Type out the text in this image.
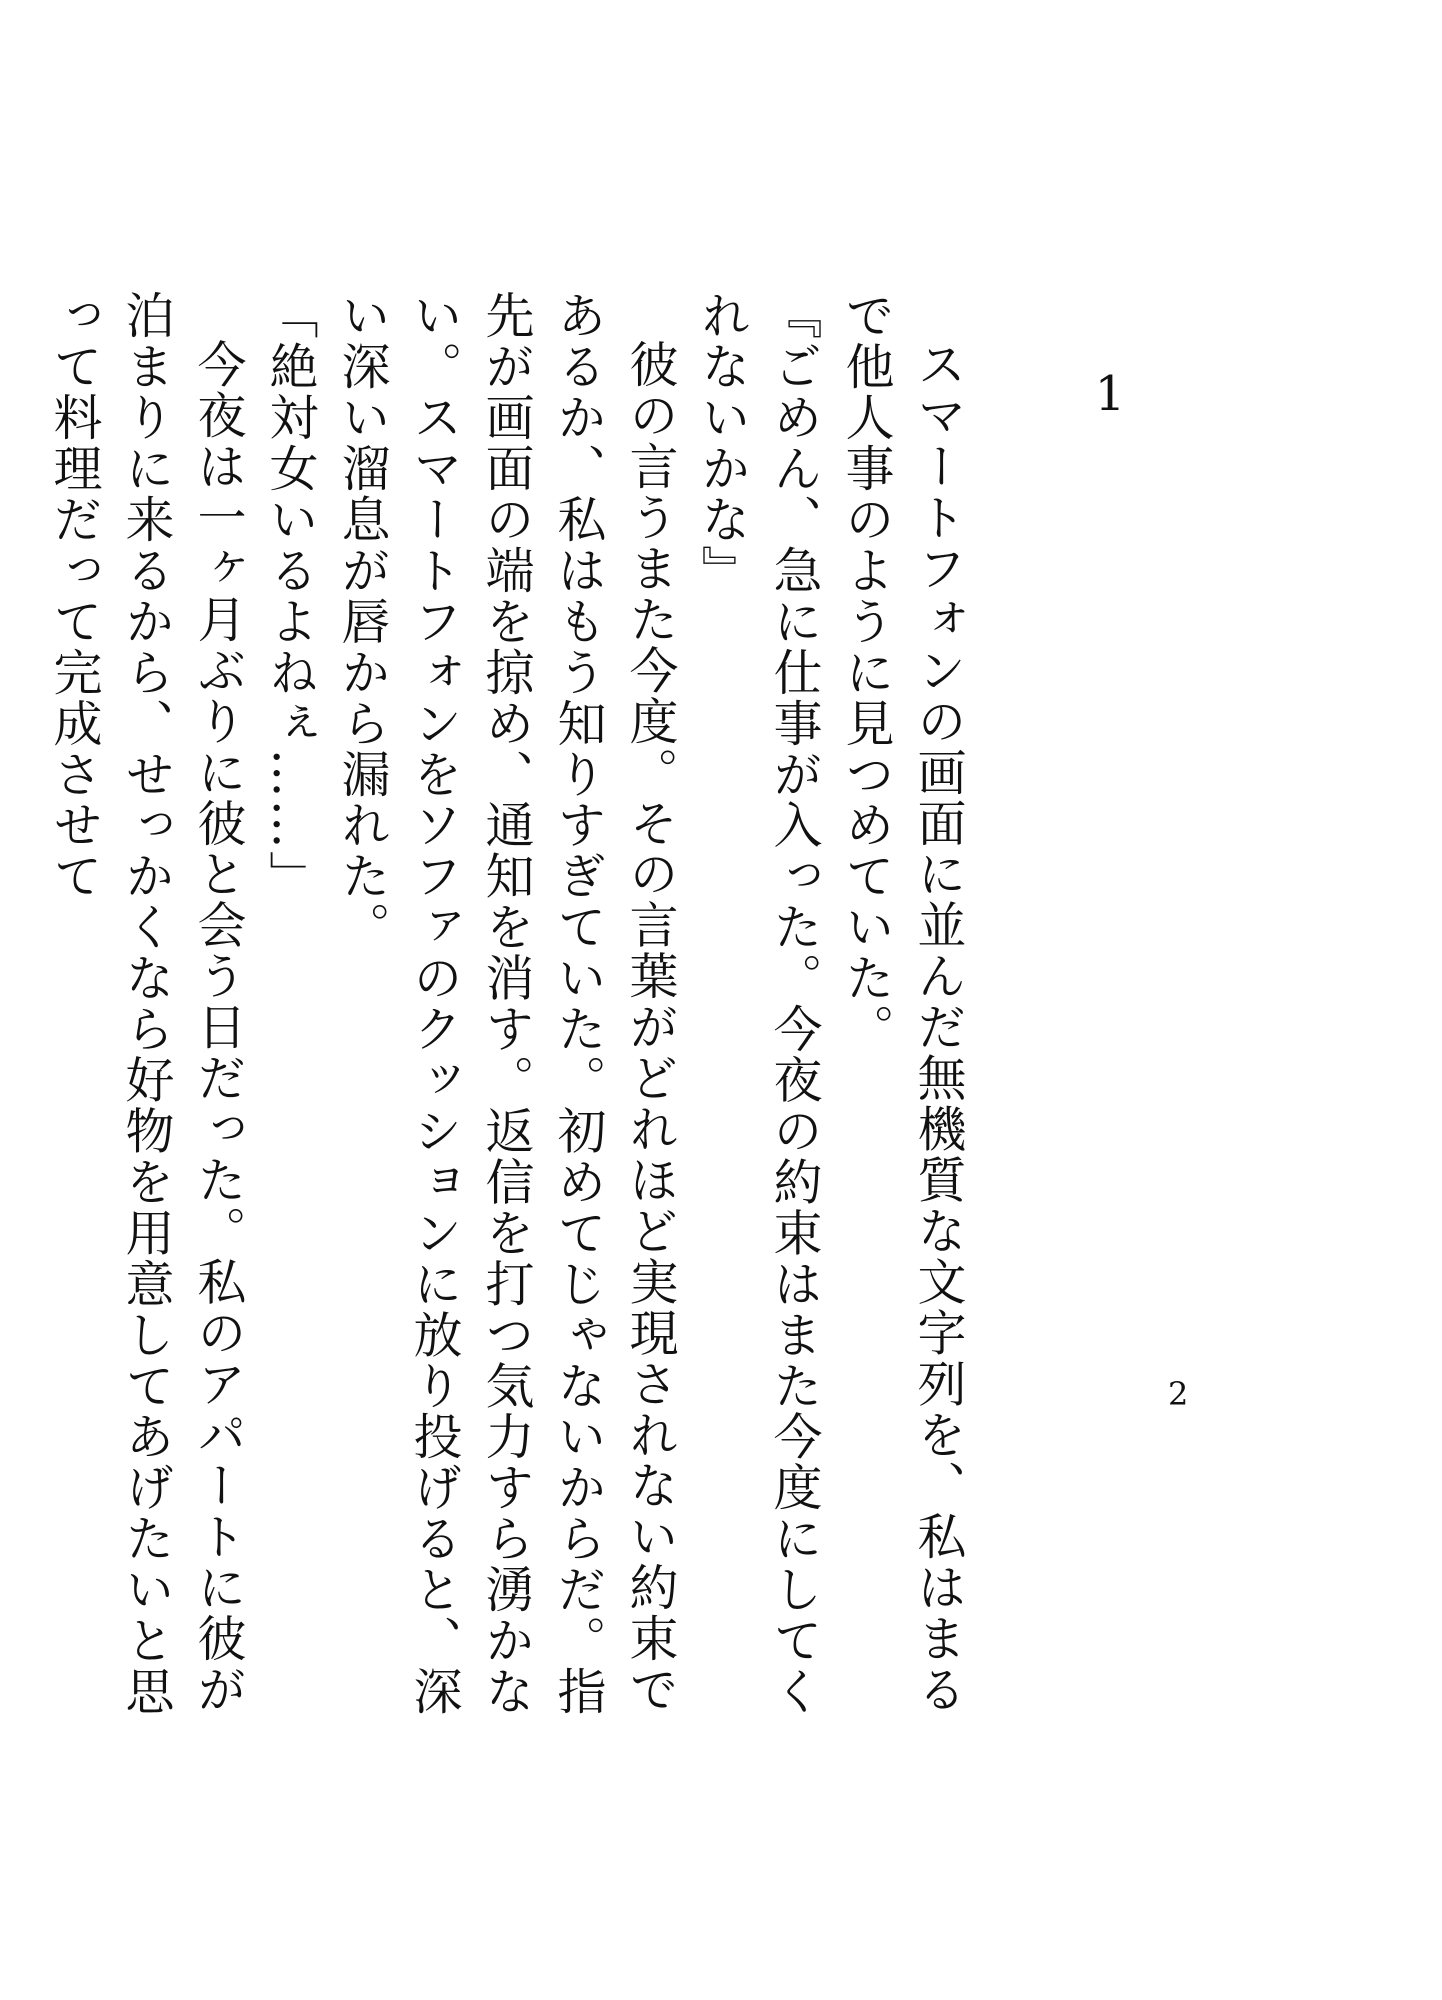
1

スマートフォンの画面に並んだ無機質な文字列を、私はまるで他人事のように見つめていた。

『ごめん、急に仕事が入った。今夜の約束はまた今度にしてくれないかな』

彼の言うまた今度。その言葉がどれほど実現されない約束であるか、私はもう知りすぎていた。初めてじゃないからだ。指先が画面の端を掠め、通知を消す。返信を打つ気力すら湧かない。スマートフォンをソファのクッションに放り投げると、深い深い溜息が唇から漏れた。

「絶対女いるよねぇ……」

今夜は一ヶ月ぶりに彼と会う日だった。私のアパートに彼が泊まりに来るから、せっかくなら好物を用意してあげたいと思って料理だって完成させて

2
